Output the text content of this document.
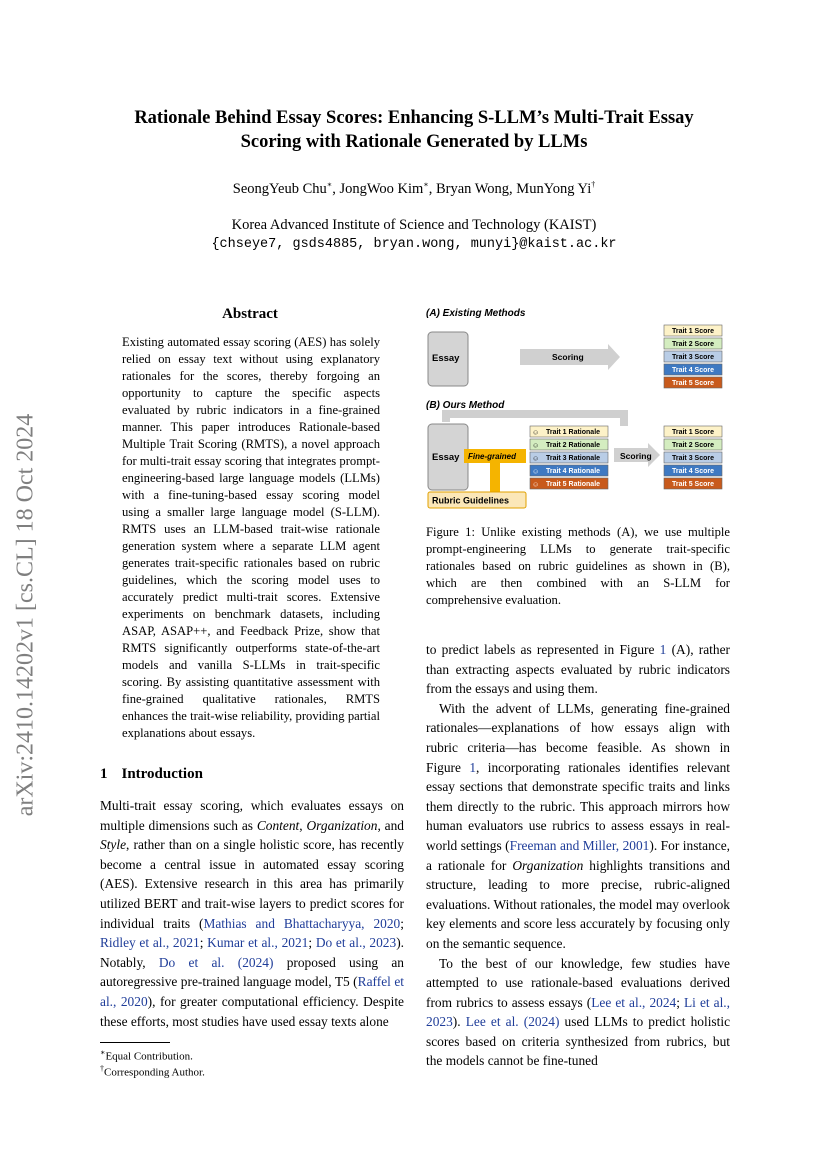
Rationale Behind Essay Scores: Enhancing S-LLM’s Multi-Trait Essay
Scoring with Rationale Generated by LLMs
SeongYeub Chu∗, JongWoo Kim∗, Bryan Wong, MunYong Yi†
Korea Advanced Institute of Science and Technology (KAIST)
{chseye7, gsds4885, bryan.wong, munyi}@kaist.ac.kr
arXiv:2410.14202v1 [cs.CL] 18 Oct 2024
Abstract
Existing automated essay scoring (AES) has solely relied on essay text without using explanatory rationales for the scores, thereby forgoing an opportunity to capture the specific aspects evaluated by rubric indicators in a fine-grained manner. This paper introduces Rationale-based Multiple Trait Scoring (RMTS), a novel approach for multi-trait essay scoring that integrates prompt-engineering-based large language models (LLMs) with a fine-tuning-based essay scoring model using a smaller large language model (S-LLM). RMTS uses an LLM-based trait-wise rationale generation system where a separate LLM agent generates trait-specific rationales based on rubric guidelines, which the scoring model uses to accurately predict multi-trait scores. Extensive experiments on benchmark datasets, including ASAP, ASAP++, and Feedback Prize, show that RMTS significantly outperforms state-of-the-art models and vanilla S-LLMs in trait-specific scoring. By assisting quantitative assessment with fine-grained qualitative rationales, RMTS enhances the trait-wise reliability, providing partial explanations about essays.
(A) Existing Methods
Essay	Scoring
Trait 1 Score
Trait 2 Score
Trait 3 Score
Trait 4 Score
Trait 5 Score
(B) Ours Method
Essay Fine-grained
Rubric Guidelines
☺ Trait 1 Rationale
☺ Trait 2 Rationale
☺ Trait 3 Rationale
☺ Trait 4 Rationale
☺ Trait 5 Rationale
Scoring
Trait 1 Score
Trait 2 Score
Trait 3 Score
Trait 4 Score
Trait 5 Score
Figure 1: Unlike existing methods (A), we use multiple prompt-engineering LLMs to generate trait-specific rationales based on rubric guidelines as shown in (B), which are then combined with an S-LLM for comprehensive evaluation.
1 Introduction
Multi-trait essay scoring, which evaluates essays on multiple dimensions such as Content, Organization, and Style, rather than on a single holistic score, has recently become a central issue in automated essay scoring (AES). Extensive research in this area has primarily utilized BERT and trait-wise layers to predict scores for individual traits (Mathias and Bhattacharyya, 2020; Ridley et al., 2021; Kumar et al., 2021; Do et al., 2023). Notably, Do et al. (2024) proposed using an autoregressive pre-trained language model, T5 (Raffel et al., 2020), for greater computational efficiency. Despite these efforts, most studies have used essay texts alone

to predict labels as represented in Figure 1 (A), rather than extracting aspects evaluated by rubric indicators from the essays and using them.

With the advent of LLMs, generating fine-grained rationales—explanations of how essays align with rubric criteria—has become feasible. As shown in Figure 1, incorporating rationales identifies relevant essay sections that demonstrate specific traits and links them directly to the rubric. This approach mirrors how human evaluators use rubrics to assess essays in real-world settings (Freeman and Miller, 2001). For instance, a rationale for Organization highlights transitions and structure, leading to more precise, rubric-aligned evaluations. Without rationales, the model may overlook key elements and score less accurately by focusing only on the semantic sequence.

To the best of our knowledge, few studies have attempted to use rationale-based evaluations derived from rubrics to assess essays (Lee et al., 2024; Li et al., 2023). Lee et al. (2024) used LLMs to predict holistic scores based on criteria synthesized from rubrics, but the models cannot be fine-tuned

∗Equal Contribution.
†Corresponding Author.
